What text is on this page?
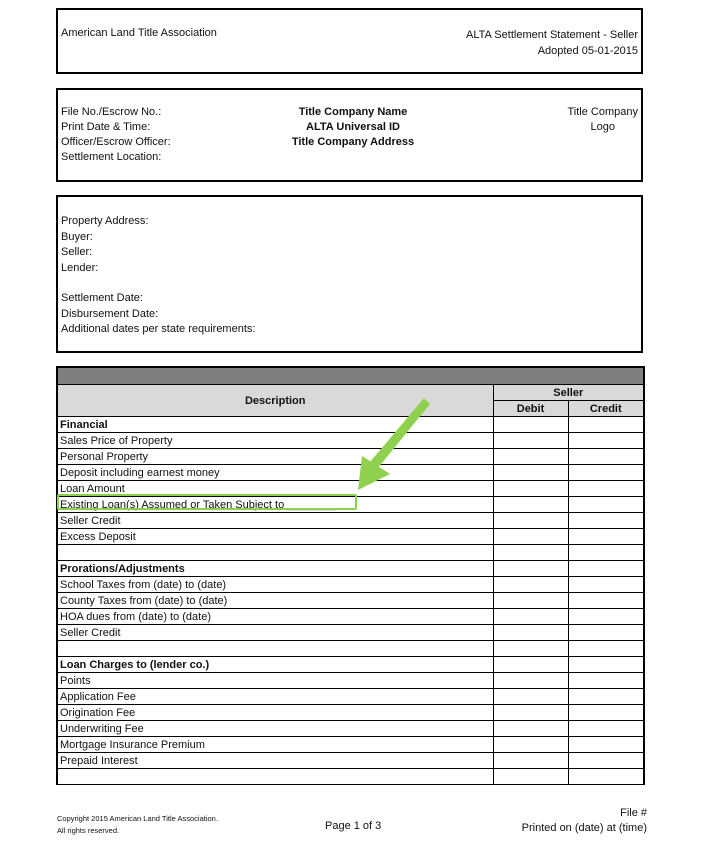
American Land Title Association	ALTA Settlement Statement - Seller
Adopted 05-01-2015
File No./Escrow No.:
Print Date & Time:
Officer/Escrow Officer:
Settlement Location:
Title Company Name
ALTA Universal ID
Title Company Address
Title Company
Logo
Property Address:
Buyer:
Seller:
Lender:
Settlement Date:
Disbursement Date:
Additional dates per state requirements:
Description	Seller	
	Debit	Credit
Financial		
Sales Price of Property		
Personal Property		
Deposit including earnest money		
Loan Amount		
Existing Loan(s) Assumed or Taken Subject to ________		
Seller Credit		
Excess Deposit		

Prorations/Adjustments		
School Taxes from (date) to (date)		
County Taxes from (date) to (date)		
HOA dues from (date) to (date)		
Seller Credit		

Loan Charges to (lender co.)		
Points		
Application Fee		
Origination Fee		
Underwriting Fee		
Mortgage Insurance Premium		
Prepaid Interest		

Copyright 2015 American Land Title Association.
All rights reserved.	Page 1 of 3
File #
Printed on (date) at (time)
